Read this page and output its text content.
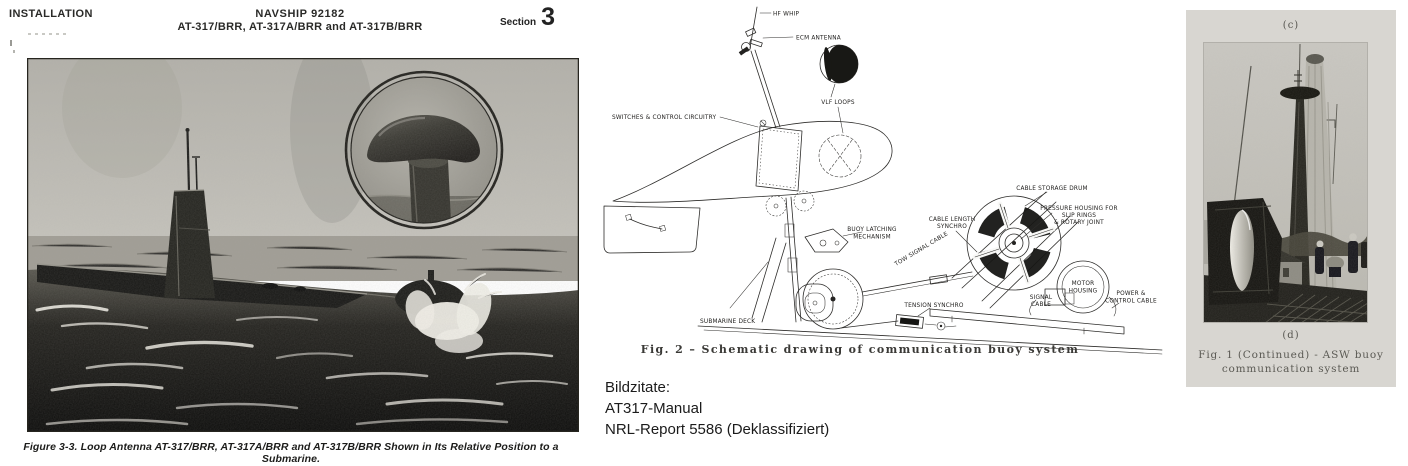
INSTALLATION	NAVSHIP 92182
AT-317/BRR, AT-317A/BRR and AT-317B/BRR	Section 3
Figure 3-3. Loop Antenna AT-317/BRR, AT-317A/BRR and AT-317B/BRR Shown in Its Relative Position to a Submarine.
HF WHIP
ECM ANTENNA
VLF LOOPS
SWITCHES & CONTROL CIRCUITRY
BUOY LATCHING
MECHANISM TOW SIGNAL CABLE
TENSION SYNCHRO
SUBMARINE DECK
CABLE STORAGE DRUM
PRESSURE HOUSING FOR
SLIP RINGS
& ROTARY JOINT
CABLE LENGTH
SYNCHRO
MOTOR
HOUSING
SIGNAL
CABLE
POWER &
CONTROL CABLE
Fig. 2 – Schematic drawing of communication buoy system
Bildzitate:
AT317-Manual
NRL-Report 5586 (Deklassifiziert)
(c)
(d)
Fig. 1 (Continued) - ASW buoy
communication system
